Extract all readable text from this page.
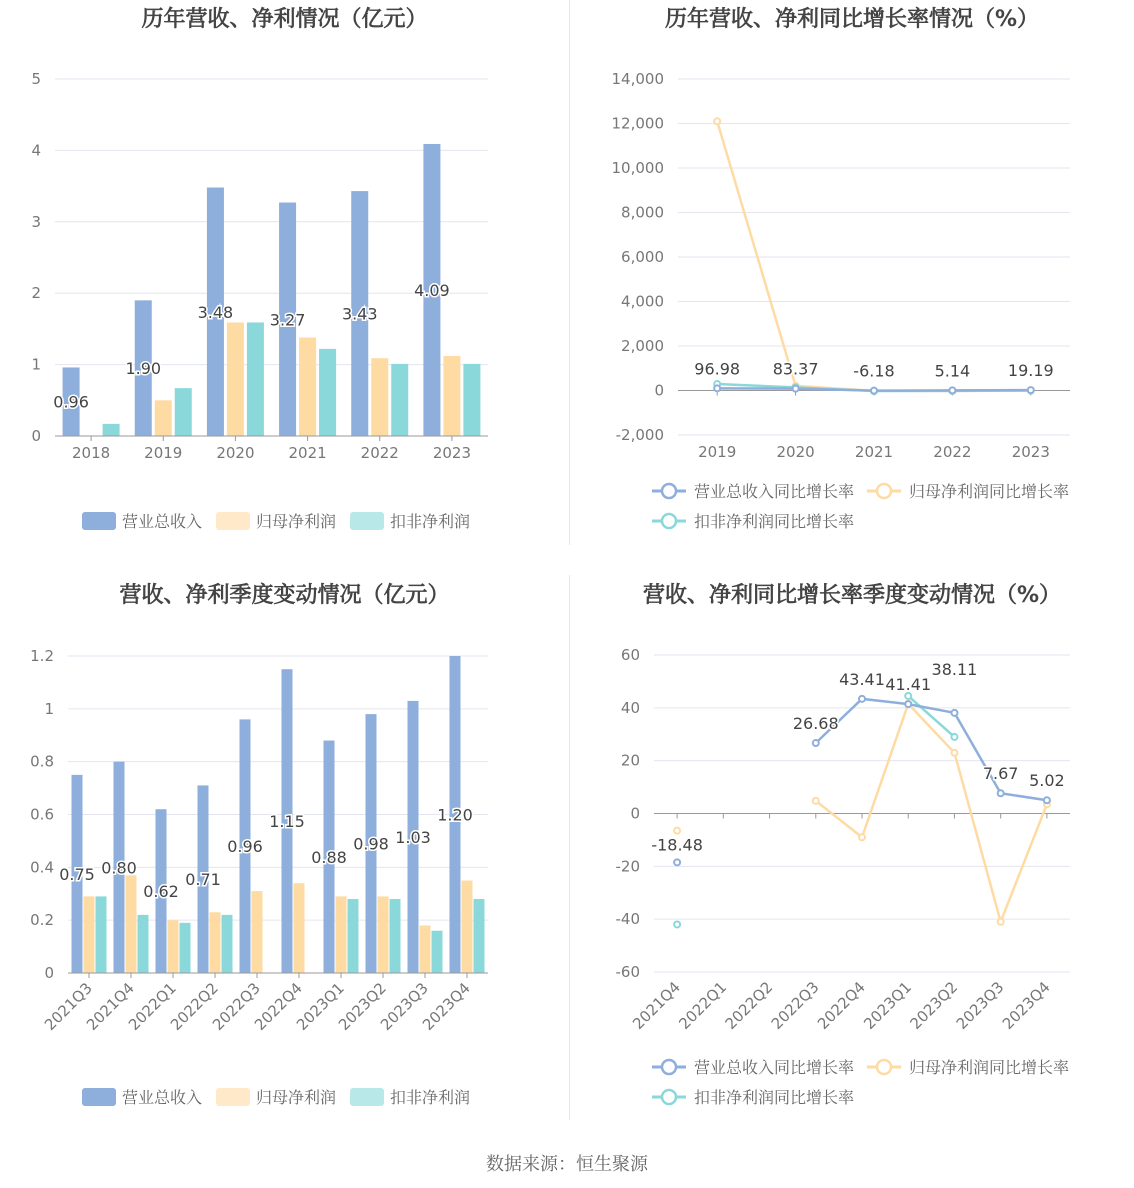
历年营收、净利情况（亿元）
0
1
2
3
4
5
0.96
2018
1.90
2019
3.48
2020
3.27
2021
3.43
2022
4.09
2023
营业总收入	归母净利润	扣非净利润
历年营收、净利同比增长率情况（%）
-2,000
0
2,000
4,000
6,000
8,000
10,000
12,000
14,000
2019	2020	2021	2022	2023
96.98 83.37 -6.18 5.14 19.19
营业总收入同比增长率	归母净利润同比增长率
扣非净利润同比增长率
营收、净利季度变动情况（亿元）
0
0.2
0.4
0.6
0.8
1
1.2
0.75
2021Q3
0.80
2021Q4
0.62
2022Q1
0.71
2022Q2
0.96
2022Q3
1.15
2022Q4
0.88
2023Q1
0.98
2023Q2
1.03
2023Q3
1.20
2023Q4
营业总收入	归母净利润	扣非净利润
营收、净利同比增长率季度变动情况（%）
-60
-40
-20
0
20
40
60
2021Q4
2022Q1
2022Q2
2022Q3
2022Q4
2023Q1
2023Q2
2023Q3
2023Q4
-18.48
26.68
43.41 41.41
38.11
7.67 5.02
营业总收入同比增长率	归母净利润同比增长率
扣非净利润同比增长率
数据来源：恒生聚源
